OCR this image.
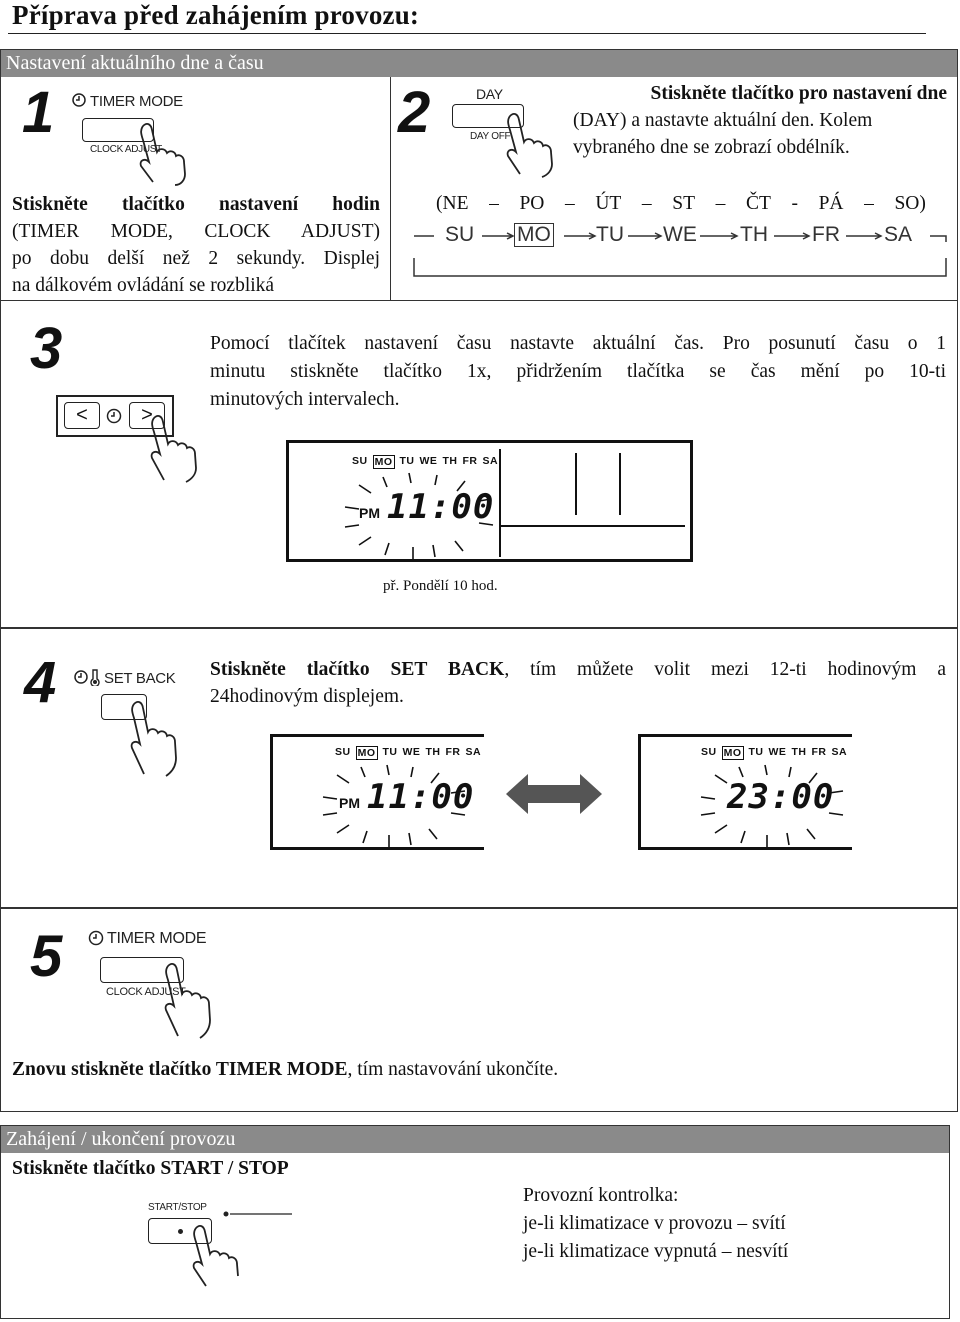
Příprava před zahájením provozu:
Nastavení aktuálního dne a času
1 TIMER MODE
CLOCK ADJUST
Stiskněte tlačítko nastavení hodin
(TIMER MODE, CLOCK ADJUST)
po dobu delší než 2 sekundy. Displej
na dálkovém ovládání se rozbliká
2	DAY
DAY OFF
Stiskněte tlačítko pro nastavení dne
(DAY) a nastavte aktuální den. Kolem
vybraného dne se zobrazí obdélník.
(NE – PO – ÚT – ST – ČT - PÁ – SO)
SU MO TU WE TH FR SA
3
<	>
Pomocí tlačítek nastavení času nastavte aktuální čas. Pro posunutí času o 1
minutu stiskněte tlačítko 1x, přidržením tlačítka se čas mění po 10-ti
minutových intervalech.
SU MO TU WE TH FR SA
PM 11:00
př. Pondělí 10 hod.
4	SET BACK Stiskněte tlačítko SET BACK, tím můžete volit mezi 12-ti hodinovým a
24hodinovým displejem.
SU MO TU WE TH FR SA
PM 11:00
SU MO TU WE TH FR SA
23:00
5	TIMER MODE
CLOCK ADJUST
Znovu stiskněte tlačítko TIMER MODE, tím nastavování ukončíte.
Zahájení / ukončení provozu
Stiskněte tlačítko START / STOP
START/STOP
Provozní kontrolka:
je-li klimatizace v provozu – svítí
je-li klimatizace vypnutá – nesvítí
